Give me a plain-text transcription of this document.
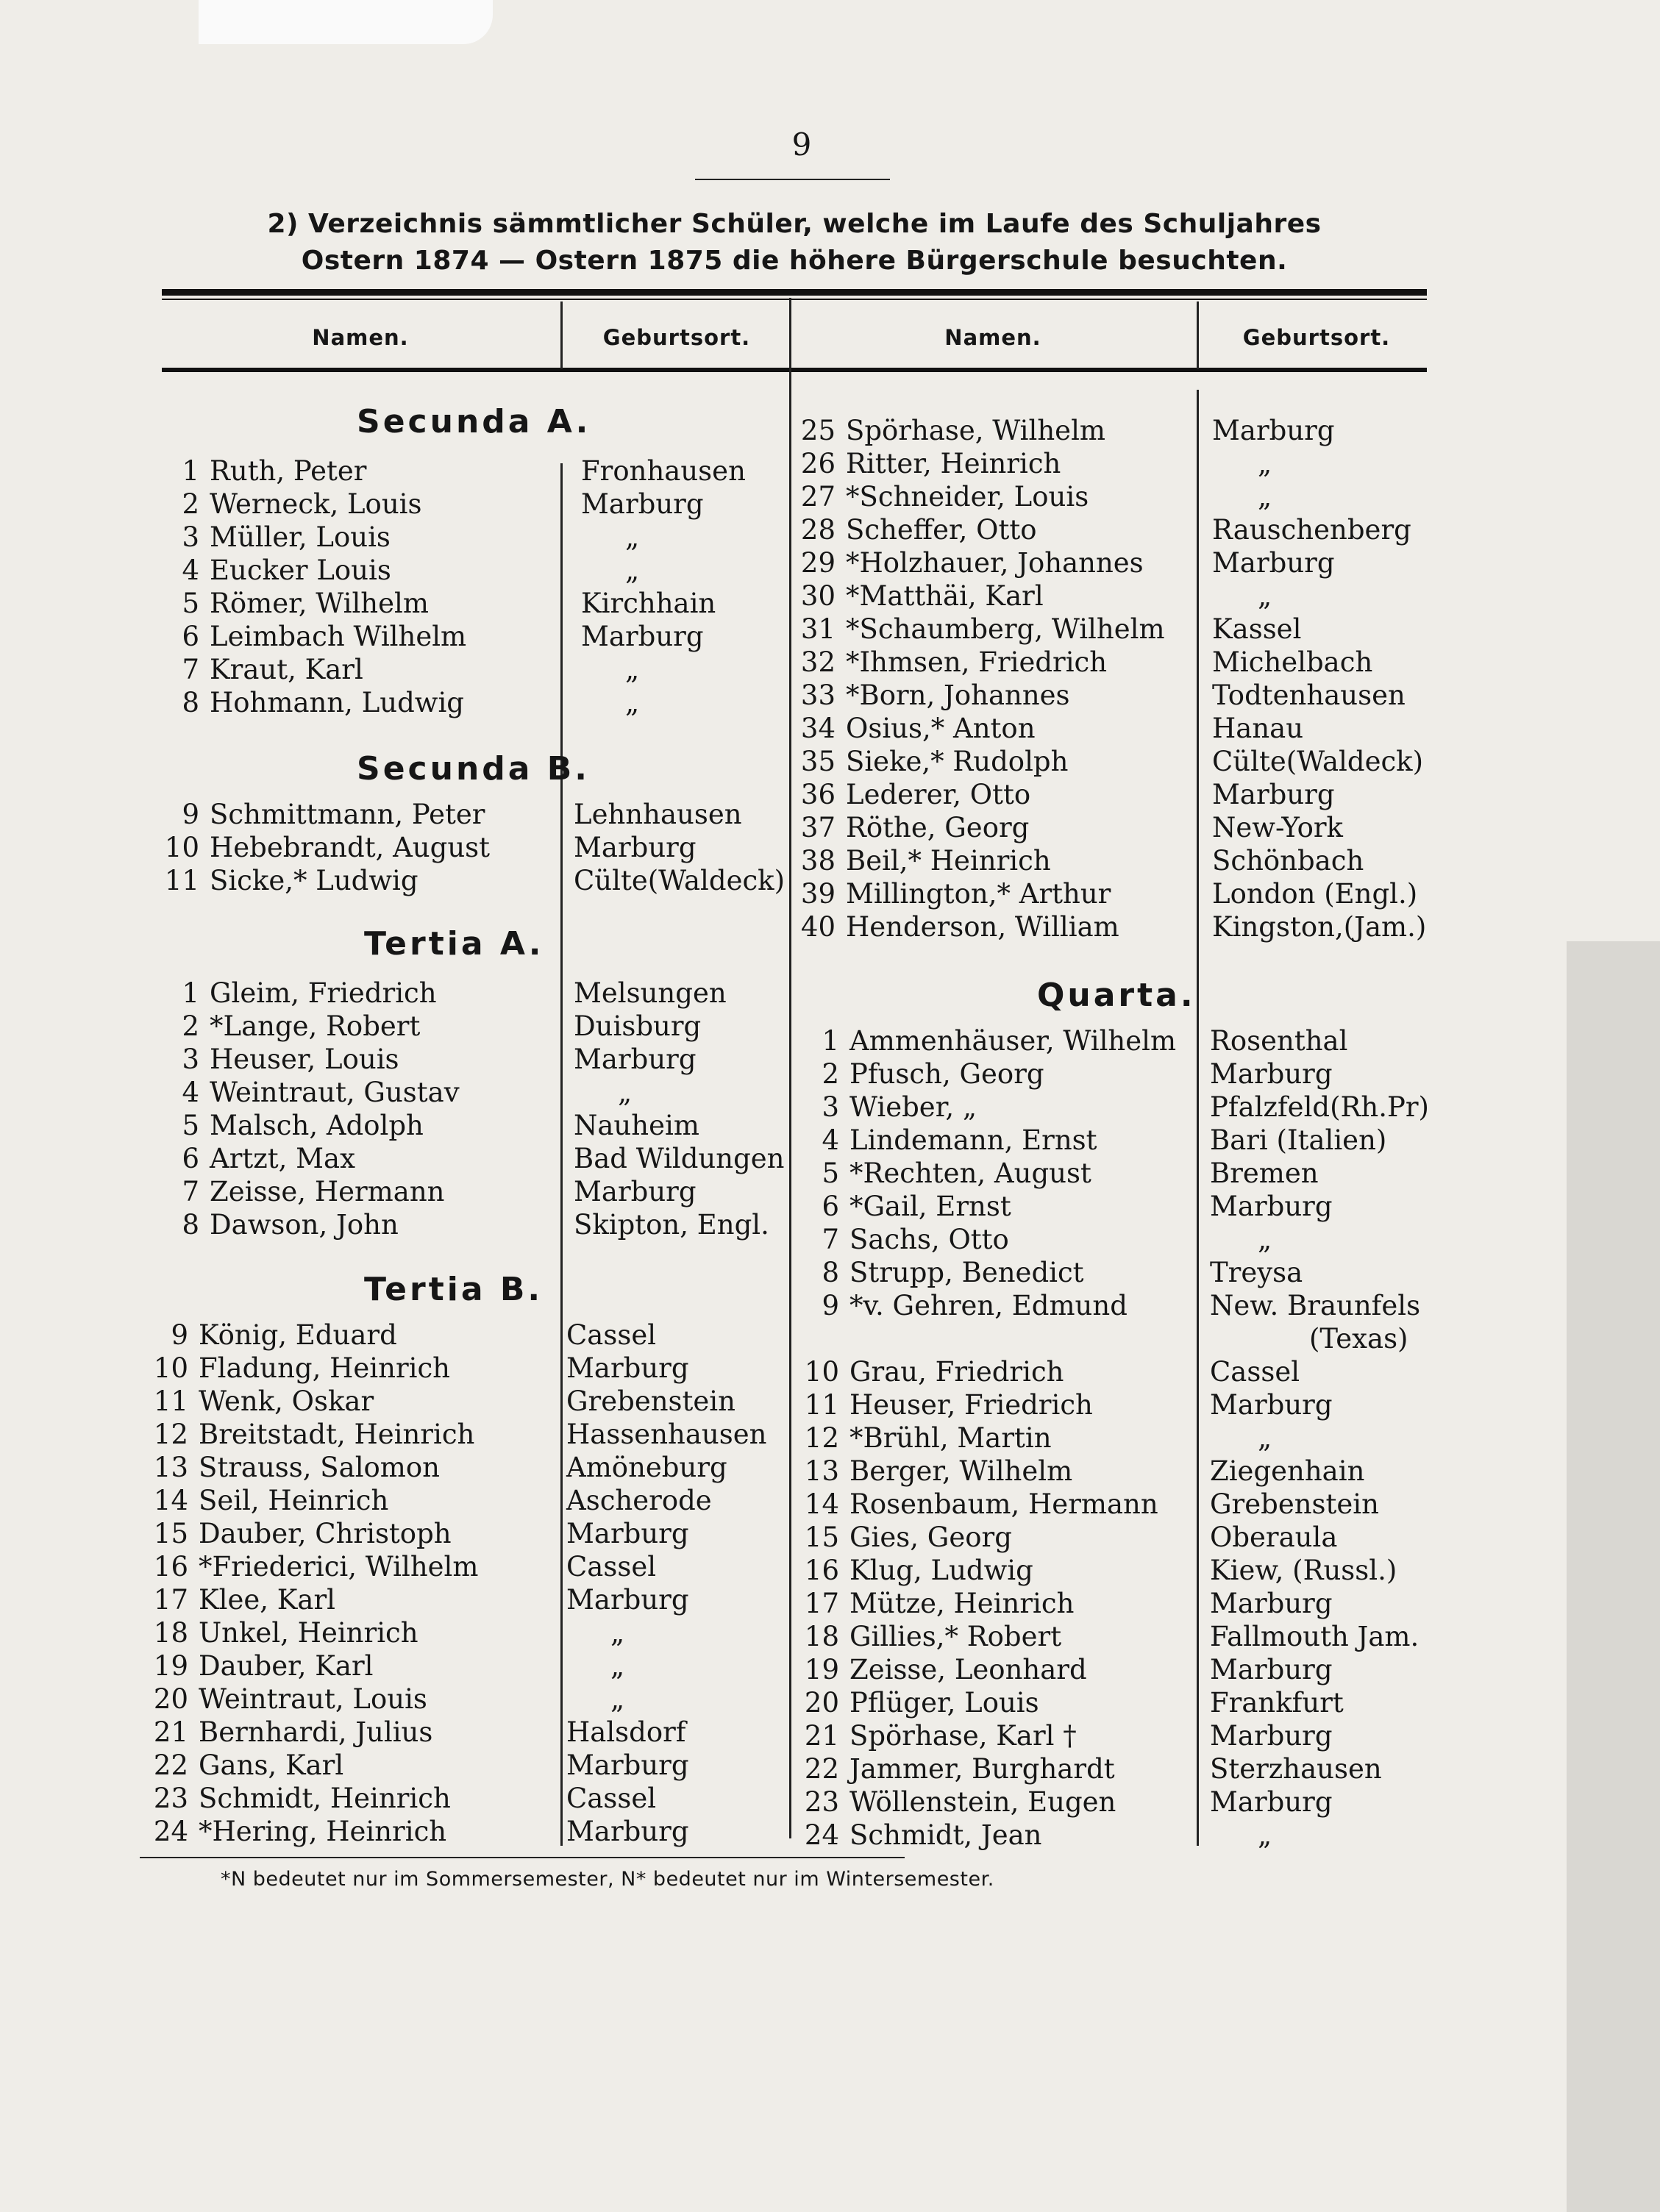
9
2) Verzeichnis sämmtlicher Schüler, welche im Laufe des Schuljahres
Ostern 1874 — Ostern 1875 die höhere Bürgerschule besuchten.
Namen.	Geburtsort.	Namen.	Geburtsort.
Secunda A.
1 Ruth, Peter	Fronhausen
2 Werneck, Louis	Marburg
3 Müller, Louis	„
4 Eucker Louis	„
5 Römer, Wilhelm	Kirchhain
6 Leimbach Wilhelm	Marburg
7 Kraut, Karl	„
8 Hohmann, Ludwig	„
Secunda B.
9 Schmittmann, Peter	Lehnhausen
10 Hebebrandt, August	Marburg
11 Sicke,* Ludwig	Cülte(Waldeck)
Tertia A.
1 Gleim, Friedrich	Melsungen
2 *Lange, Robert	Duisburg
3 Heuser, Louis	Marburg
4 Weintraut, Gustav	„
5 Malsch, Adolph	Nauheim
6 Artzt, Max	Bad Wildungen
7 Zeisse, Hermann	Marburg
8 Dawson, John	Skipton, Engl.
Tertia B.
9 König, Eduard	Cassel
10 Fladung, Heinrich	Marburg
11 Wenk, Oskar	Grebenstein
12 Breitstadt, Heinrich	Hassenhausen
13 Strauss, Salomon	Amöneburg
14 Seil, Heinrich	Ascherode
15 Dauber, Christoph	Marburg
16 *Friederici, Wilhelm	Cassel
17 Klee, Karl	Marburg
18 Unkel, Heinrich	„
19 Dauber, Karl	„
20 Weintraut, Louis	„
21 Bernhardi, Julius	Halsdorf
22 Gans, Karl	Marburg
23 Schmidt, Heinrich	Cassel
24 *Hering, Heinrich	Marburg
25 Spörhase, Wilhelm	Marburg
26 Ritter, Heinrich	„
27 *Schneider, Louis	„
28 Scheffer, Otto	Rauschenberg
29 *Holzhauer, Johannes	Marburg
30 *Matthäi, Karl	„
31 *Schaumberg, Wilhelm Kassel
32 *Ihmsen, Friedrich	Michelbach
33 *Born, Johannes	Todtenhausen
34 Osius,* Anton	Hanau
35 Sieke,* Rudolph	Cülte(Waldeck)
36 Lederer, Otto	Marburg
37 Röthe, Georg	New-York
38 Beil,* Heinrich	Schönbach
39 Millington,* Arthur	London (Engl.)
40 Henderson, William	Kingston,(Jam.)
Quarta.
1 Ammenhäuser, Wilhelm Rosenthal
2 Pfusch, Georg	Marburg
3 Wieber, „	Pfalzfeld(Rh.Pr)
4 Lindemann, Ernst	Bari (Italien)
5 *Rechten, August	Bremen
6 *Gail, Ernst	Marburg
7 Sachs, Otto	„
8 Strupp, Benedict	Treysa
9 *v. Gehren, Edmund	New. Braunfels
(Texas)
10 Grau, Friedrich	Cassel
11 Heuser, Friedrich	Marburg
12 *Brühl, Martin	„
13 Berger, Wilhelm	Ziegenhain
14 Rosenbaum, Hermann Grebenstein
15 Gies, Georg	Oberaula
16 Klug, Ludwig	Kiew, (Russl.)
17 Mütze, Heinrich	Marburg
18 Gillies,* Robert	Fallmouth Jam.
19 Zeisse, Leonhard	Marburg
20 Pflüger, Louis	Frankfurt
21 Spörhase, Karl †	Marburg
22 Jammer, Burghardt	Sterzhausen
23 Wöllenstein, Eugen	Marburg
24 Schmidt, Jean	„
*N bedeutet nur im Sommersemester, N* bedeutet nur im Wintersemester.
